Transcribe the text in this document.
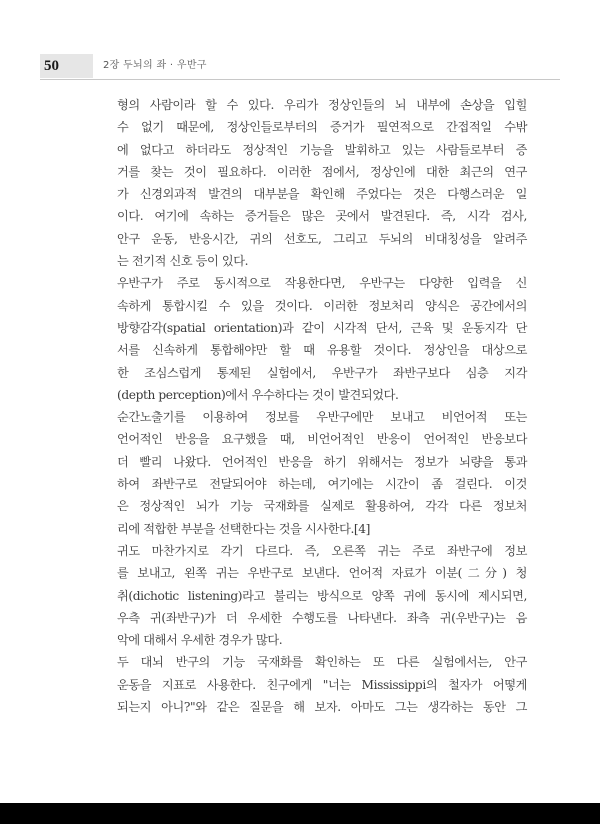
50	2장 두뇌의 좌 · 우반구
형의 사람이라 할 수 있다. 우리가 정상인들의 뇌 내부에 손상을 입힐
수 없기 때문에, 정상인들로부터의 증거가 필연적으로 간접적일 수밖
에 없다고 하더라도 정상적인 기능을 발휘하고 있는 사람들로부터 증
거를 찾는 것이 필요하다. 이러한 점에서, 정상인에 대한 최근의 연구
가 신경외과적 발견의 대부분을 확인해 주었다는 것은 다행스러운 일
이다. 여기에 속하는 증거들은 많은 곳에서 발견된다. 즉, 시각 검사,
안구 운동, 반응시간, 귀의 선호도, 그리고 두뇌의 비대칭성을 알려주
는 전기적 신호 등이 있다.
우반구가 주로 동시적으로 작용한다면, 우반구는 다양한 입력을 신
속하게 통합시킬 수 있을 것이다. 이러한 정보처리 양식은 공간에서의
방향감각(spatial orientation)과 같이 시각적 단서, 근육 및 운동지각 단
서를 신속하게 통합해야만 할 때 유용할 것이다. 정상인을 대상으로
한 조심스럽게 통제된 실험에서, 우반구가 좌반구보다 심층 지각
(depth perception)에서 우수하다는 것이 발견되었다.
순간노출기를 이용하여 정보를 우반구에만 보내고 비언어적 또는
언어적인 반응을 요구했을 때, 비언어적인 반응이 언어적인 반응보다
더 빨리 나왔다. 언어적인 반응을 하기 위해서는 정보가 뇌량을 통과
하여 좌반구로 전달되어야 하는데, 여기에는 시간이 좀 걸린다. 이것
은 정상적인 뇌가 기능 국재화를 실제로 활용하여, 각각 다른 정보처
리에 적합한 부분을 선택한다는 것을 시사한다.[4]
귀도 마찬가지로 각기 다르다. 즉, 오른쪽 귀는 주로 좌반구에 정보
를 보내고, 왼쪽 귀는 우반구로 보낸다. 언어적 자료가 이분(二分) 청
취(dichotic listening)라고 불리는 방식으로 양쪽 귀에 동시에 제시되면,
우측 귀(좌반구)가 더 우세한 수행도를 나타낸다. 좌측 귀(우반구)는 음
악에 대해서 우세한 경우가 많다.
두 대뇌 반구의 기능 국재화를 확인하는 또 다른 실험에서는, 안구
운동을 지표로 사용한다. 친구에게 "너는 Mississippi의 철자가 어떻게
되는지 아니?"와 같은 질문을 해 보자. 아마도 그는 생각하는 동안 그
